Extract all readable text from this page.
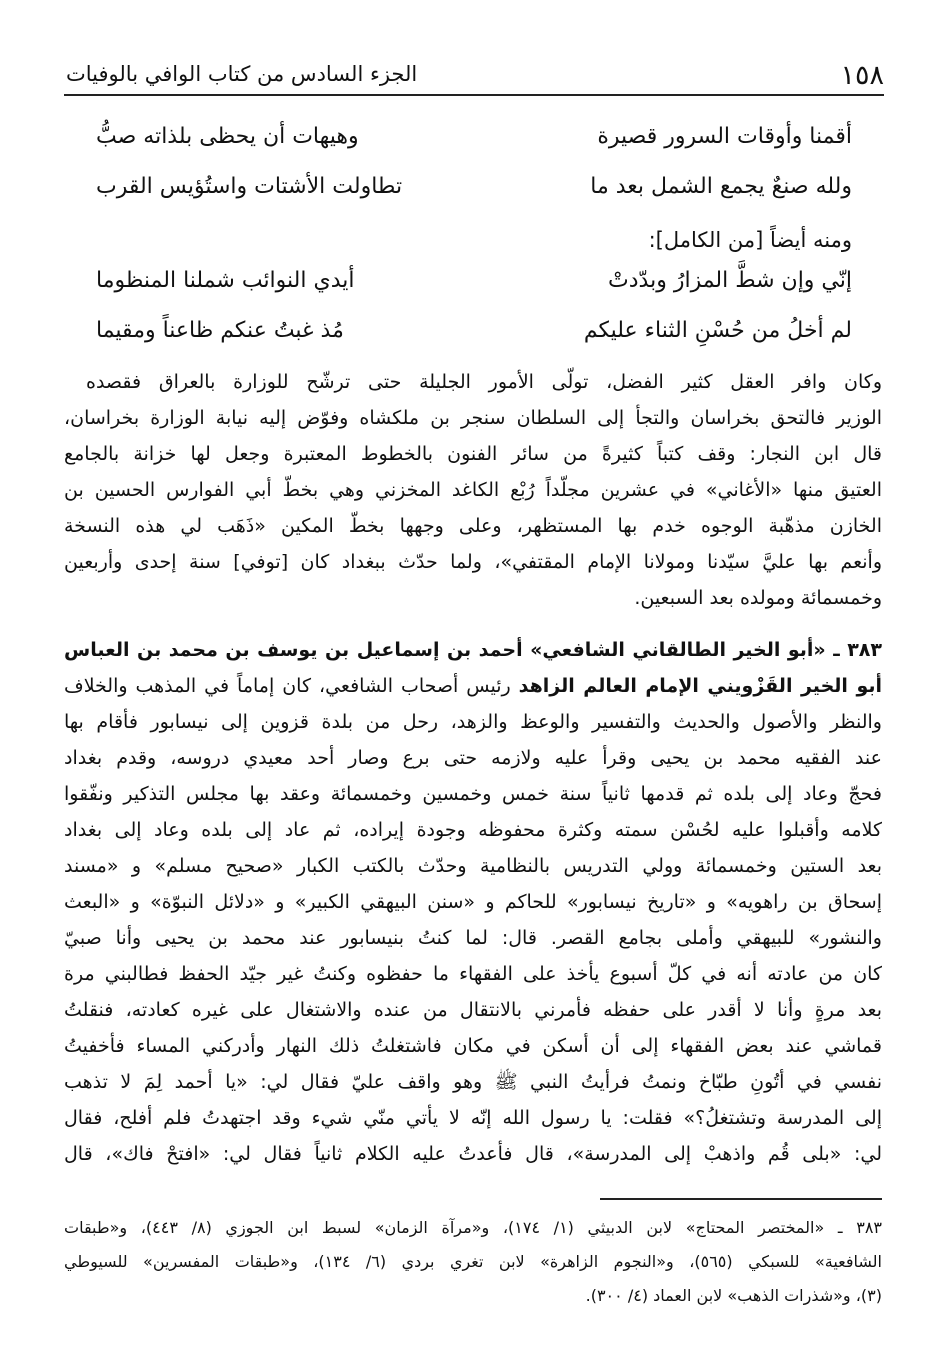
١٥٨
الجزء السادس من كتاب الوافي بالوفيات
أقمنا وأوقات السرور قصيرة
وهيهات أن يحظى بلذاته صبُّ
ولله صنعٌ يجمع الشمل بعد ما
تطاولت الأشتات واستُؤيس القرب
ومنه أيضاً [من الكامل]:
إنّي وإن شطَّ المزارُ وبدّدتْ
أيدي النوائب شملنا المنظوما
لم أخلُ من حُسْنِ الثناء عليكم
مُذ غبتُ عنكم ظاعناً ومقيما
وكان وافر العقل كثير الفضل، تولّى الأمور الجليلة حتى ترشّح للوزارة بالعراق فقصده
الوزير فالتحق بخراسان والتجأ إلى السلطان سنجر بن ملكشاه وفوّض إليه نيابة الوزارة بخراسان،
قال ابن النجار: وقف كتباً كثيرةً من سائر الفنون بالخطوط المعتبرة وجعل لها خزانة بالجامع
العتيق منها «الأغاني» في عشرين مجلّداً رُبْع الكاغد المخزني وهي بخطّ أبي الفوارس الحسين بن
الخازن مذهّبة الوجوه خدم بها المستظهر، وعلى وجهها بخطّ المكين «ذَهَب لي هذه النسخة
وأنعم بها عليَّ سيّدنا ومولانا الإمام المقتفي»، ولما حدّث ببغداد كان [توفي] سنة إحدى وأربعين
وخمسمائة ومولده بعد السبعين.
٣٨٣ ـ «أبو الخير الطالقاني الشافعي» أحمد بن إسماعيل بن يوسف بن محمد بن العباس
أبو الخير القَزْويني الإمام العالم الزاهد رئيس أصحاب الشافعي، كان إماماً في المذهب والخلاف
والنظر والأصول والحديث والتفسير والوعظ والزهد، رحل من بلدة قزوين إلى نيسابور فأقام بها
عند الفقيه محمد بن يحيى وقرأ عليه ولازمه حتى برع وصار أحد معيدي دروسه، وقدم بغداد
فحجّ وعاد إلى بلده ثم قدمها ثانياً سنة خمس وخمسين وخمسمائة وعقد بها مجلس التذكير ونفّقوا
كلامه وأقبلوا عليه لحُسْن سمته وكثرة محفوظه وجودة إيراده، ثم عاد إلى بلده وعاد إلى بغداد
بعد الستين وخمسمائة وولي التدريس بالنظامية وحدّث بالكتب الكبار «صحيح مسلم» و «مسند
إسحاق بن راهويه» و «تاريخ نيسابور» للحاكم و «سنن البيهقي الكبير» و «دلائل النبوّة» و «البعث
والنشور» للبيهقي وأملى بجامع القصر. قال: لما كنتُ بنيسابور عند محمد بن يحيى وأنا صبيّ
كان من عادته أنه في كلّ أسبوع يأخذ على الفقهاء ما حفظوه وكنتُ غير جيّد الحفظ فطالبني مرة
بعد مرةٍ وأنا لا أقدر على حفظه فأمرني بالانتقال من عنده والاشتغال على غيره كعادته، فنقلتُ
قماشي عند بعض الفقهاء إلى أن أسكن في مكان فاشتغلتُ ذلك النهار وأدركني المساء فأخفيتُ
نفسي في أتُونِ طبّاخ ونمتُ فرأيتُ النبي ﷺ وهو واقف عليّ فقال لي: «يا أحمد لِمَ لا تذهب
إلى المدرسة وتشتغلُ؟» فقلت: يا رسول الله إنّه لا يأتي منّي شيء وقد اجتهدتُ فلم أفلح، فقال
لي: «بلى قُم واذهبْ إلى المدرسة»، قال فأعدتُ عليه الكلام ثانياً فقال لي: «افتحْ فاك»، قال
٣٨٣ ـ «المختصر المحتاج» لابن الدبيثي (١/ ١٧٤)، و«مرآة الزمان» لسبط ابن الجوزي (٨/ ٤٤٣)، و«طبقات
الشافعية» للسبكي (٥٦٥)، و«النجوم الزاهرة» لابن تغري بردي (٦/ ١٣٤)، و«طبقات المفسرين» للسيوطي
(٣)، و«شذرات الذهب» لابن العماد (٤/ ٣٠٠).
